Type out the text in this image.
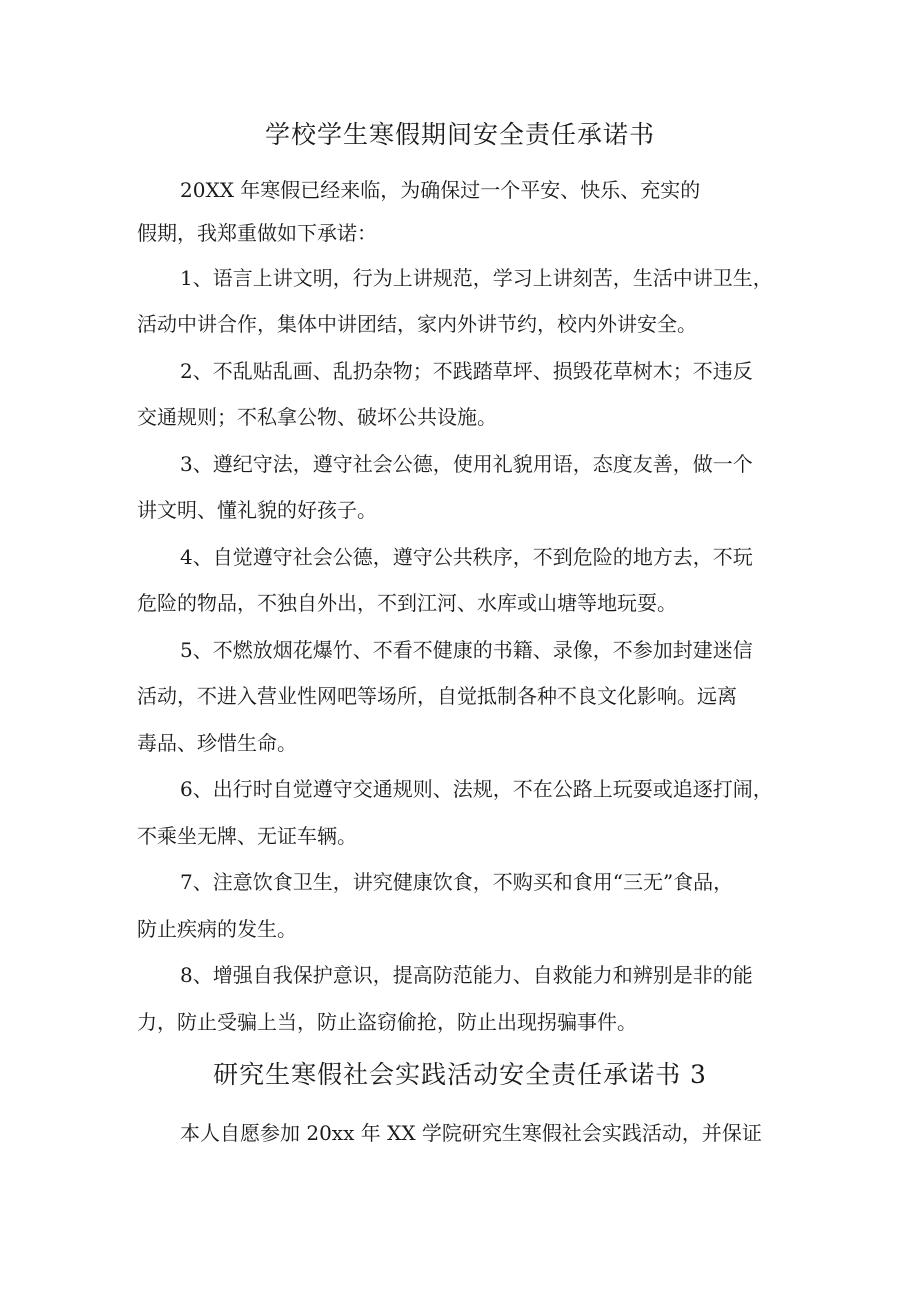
学校学生寒假期间安全责任承诺书
20XX 年寒假已经来临，为确保过一个平安、快乐、充实的
假期，我郑重做如下承诺：
1、语言上讲文明，行为上讲规范，学习上讲刻苦，生活中讲卫生，
活动中讲合作，集体中讲团结，家内外讲节约，校内外讲安全。
2、不乱贴乱画、乱扔杂物；不践踏草坪、损毁花草树木；不违反
交通规则；不私拿公物、破坏公共设施。
3、遵纪守法，遵守社会公德，使用礼貌用语，态度友善，做一个
讲文明、懂礼貌的好孩子。
4、自觉遵守社会公德，遵守公共秩序，不到危险的地方去，不玩
危险的物品，不独自外出，不到江河、水库或山塘等地玩耍。
5、不燃放烟花爆竹、不看不健康的书籍、录像，不参加封建迷信
活动，不进入营业性网吧等场所，自觉抵制各种不良文化影响。远离
毒品、珍惜生命。
6、出行时自觉遵守交通规则、法规，不在公路上玩耍或追逐打闹，
不乘坐无牌、无证车辆。
7、注意饮食卫生，讲究健康饮食，不购买和食用“三无”食品，
防止疾病的发生。
8、增强自我保护意识，提高防范能力、自救能力和辨别是非的能
力，防止受骗上当，防止盗窃偷抢，防止出现拐骗事件。
研究生寒假社会实践活动安全责任承诺书 3
本人自愿参加 20xx 年 XX 学院研究生寒假社会实践活动，并保证
